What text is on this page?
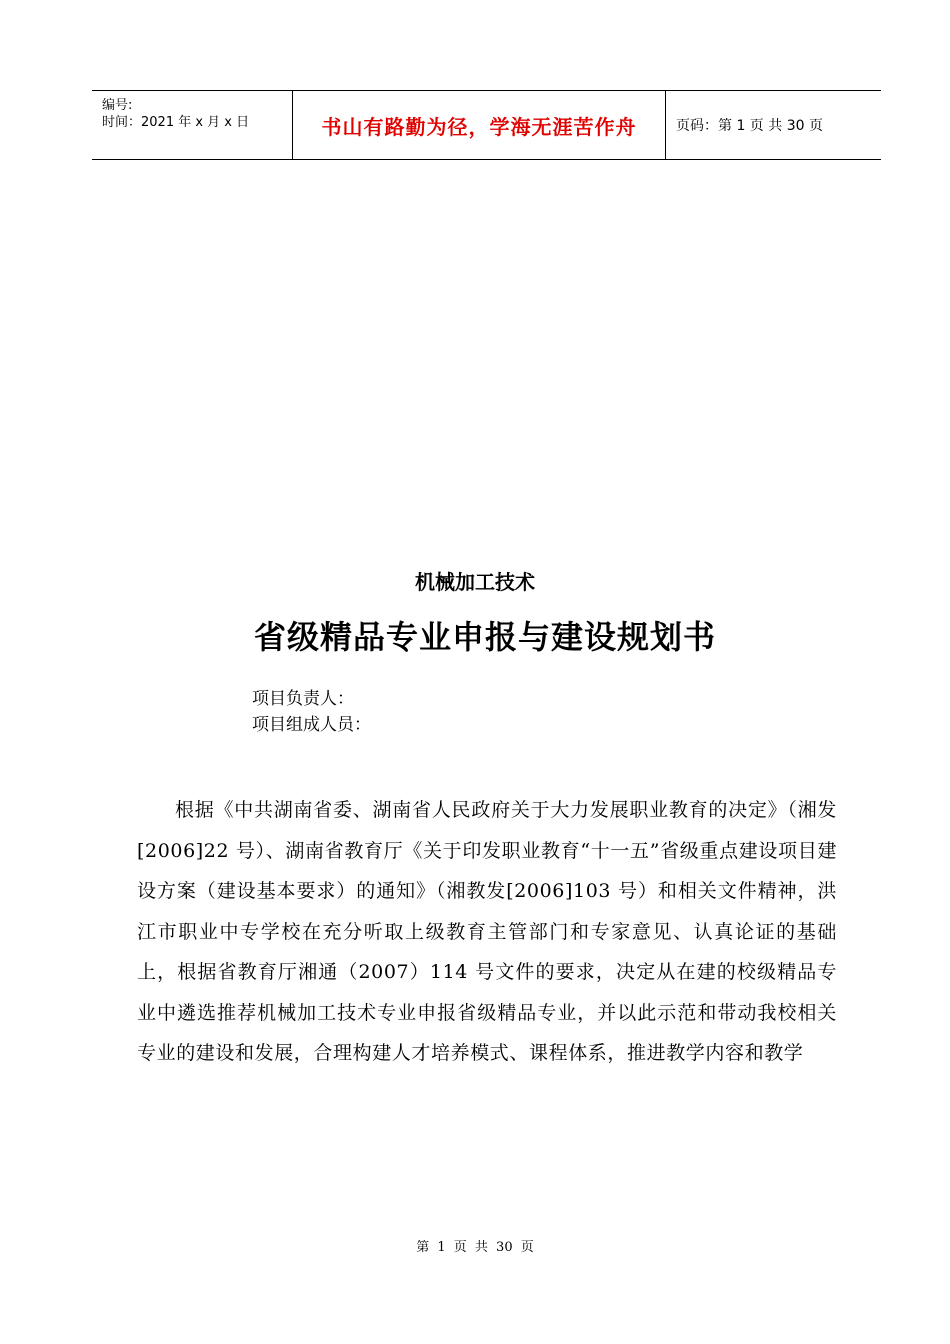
编号:
时间：2021 年 x 月 x 日	书山有路勤为径，学海无涯苦作舟	页码：第 1 页 共 30 页
机械加工技术
省级精品专业申报与建设规划书
项目负责人：
项目组成人员：
根据《中共湖南省委、湖南省人民政府关于大力发展职业教育的决定》（湘发[2006]22 号）、湖南省教育厅《关于印发职业教育“十一五”省级重点建设项目建设方案（建设基本要求）的通知》（湘教发[2006]103 号）和相关文件精神，洪江市职业中专学校在充分听取上级教育主管部门和专家意见、认真论证的基础上，根据省教育厅湘通（2007）114 号文件的要求，决定从在建的校级精品专业中遴选推荐机械加工技术专业申报省级精品专业，并以此示范和带动我校相关专业的建设和发展，合理构建人才培养模式、课程体系，推进教学内容和教学
第 1 页 共 30 页
